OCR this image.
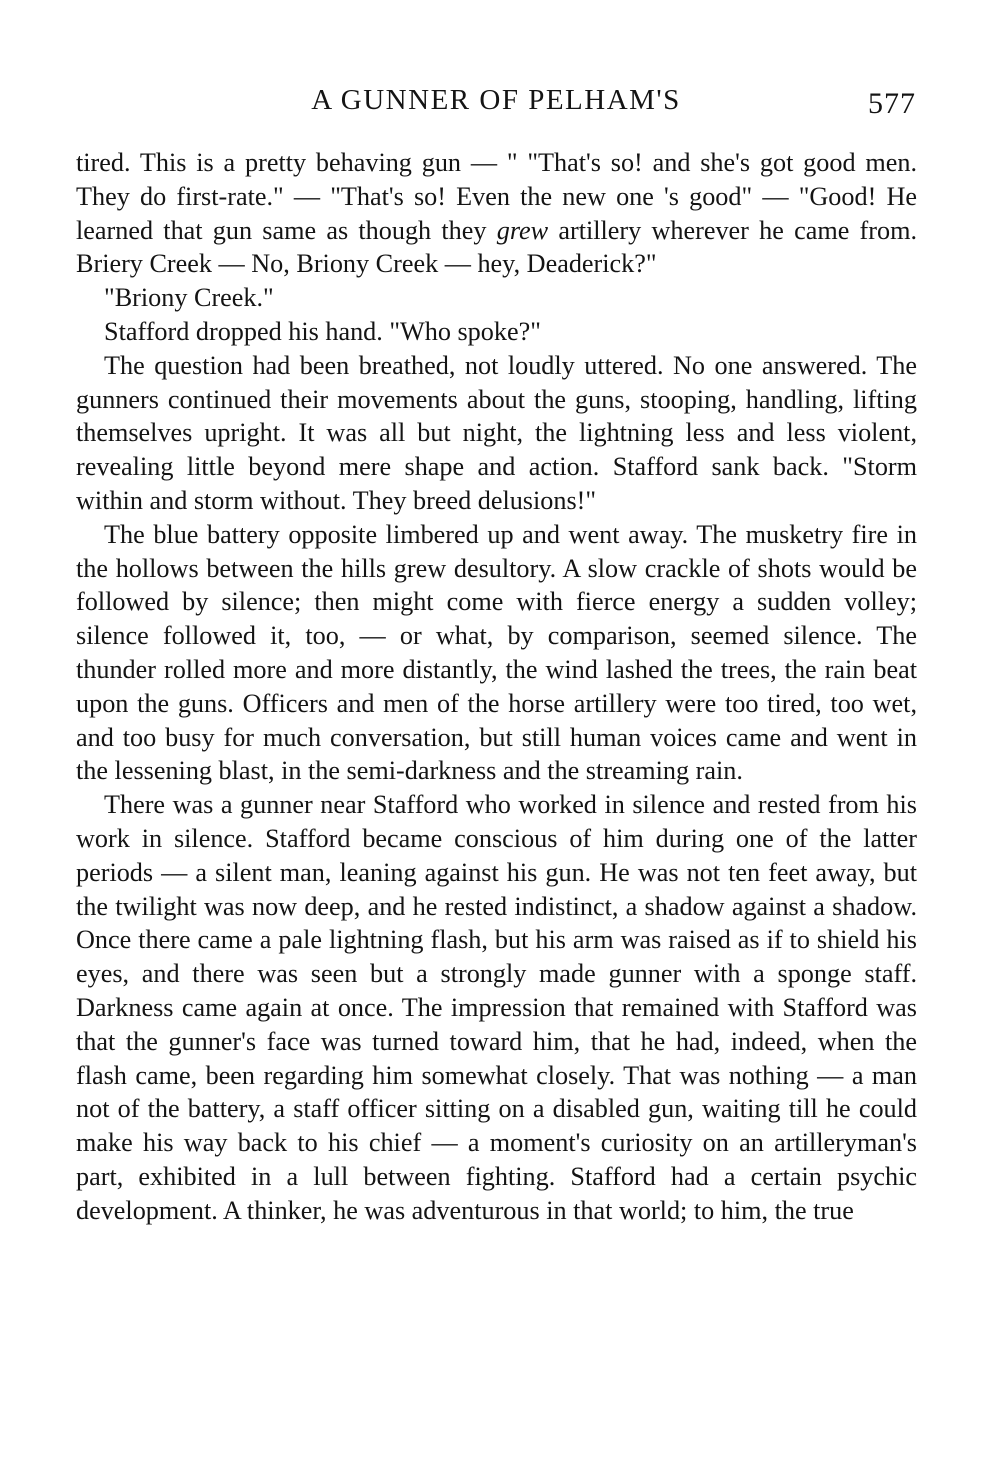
A GUNNER OF PELHAM'S	577

tired. This is a pretty behaving gun — " "That's so! and she's got good men. They do first-rate." — "That's so! Even the new one 's good" — "Good! He learned that gun same as though they grew artillery wherever he came from. Briery Creek — No, Briony Creek — hey, Deaderick?"

"Briony Creek."

Stafford dropped his hand. "Who spoke?"

The question had been breathed, not loudly uttered. No one answered. The gunners continued their movements about the guns, stooping, handling, lifting themselves upright. It was all but night, the lightning less and less violent, revealing little beyond mere shape and action. Stafford sank back. "Storm within and storm without. They breed delusions!"

The blue battery opposite limbered up and went away. The musketry fire in the hollows between the hills grew desultory. A slow crackle of shots would be followed by silence; then might come with fierce energy a sudden volley; silence followed it, too, — or what, by comparison, seemed silence. The thunder rolled more and more distantly, the wind lashed the trees, the rain beat upon the guns. Officers and men of the horse artillery were too tired, too wet, and too busy for much conversation, but still human voices came and went in the lessening blast, in the semi-darkness and the streaming rain.

There was a gunner near Stafford who worked in silence and rested from his work in silence. Stafford became conscious of him during one of the latter periods — a silent man, leaning against his gun. He was not ten feet away, but the twilight was now deep, and he rested indistinct, a shadow against a shadow. Once there came a pale lightning flash, but his arm was raised as if to shield his eyes, and there was seen but a strongly made gunner with a sponge staff. Darkness came again at once. The impression that remained with Stafford was that the gunner's face was turned toward him, that he had, indeed, when the flash came, been regarding him somewhat closely. That was nothing — a man not of the battery, a staff officer sitting on a disabled gun, waiting till he could make his way back to his chief — a moment's curiosity on an artilleryman's part, exhibited in a lull between fighting. Stafford had a certain psychic development. A thinker, he was adventurous in that world; to him, the true
